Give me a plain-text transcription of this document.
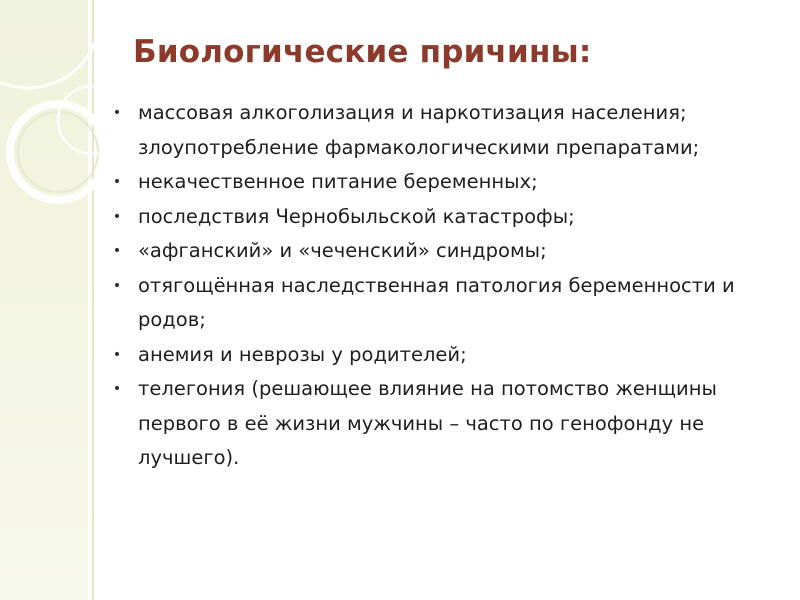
Биологические причины:
• массовая алкоголизация и наркотизация населения; злоупотребление фармакологическими препаратами;
• некачественное питание беременных;
• последствия Чернобыльской катастрофы;
• «афганский» и «чеченский» синдромы;
• отягощённая наследственная патология беременности и родов;
• анемия и неврозы у родителей;
• телегония (решающее влияние на потомство женщины первого в её жизни мужчины – часто по генофонду не лучшего).
